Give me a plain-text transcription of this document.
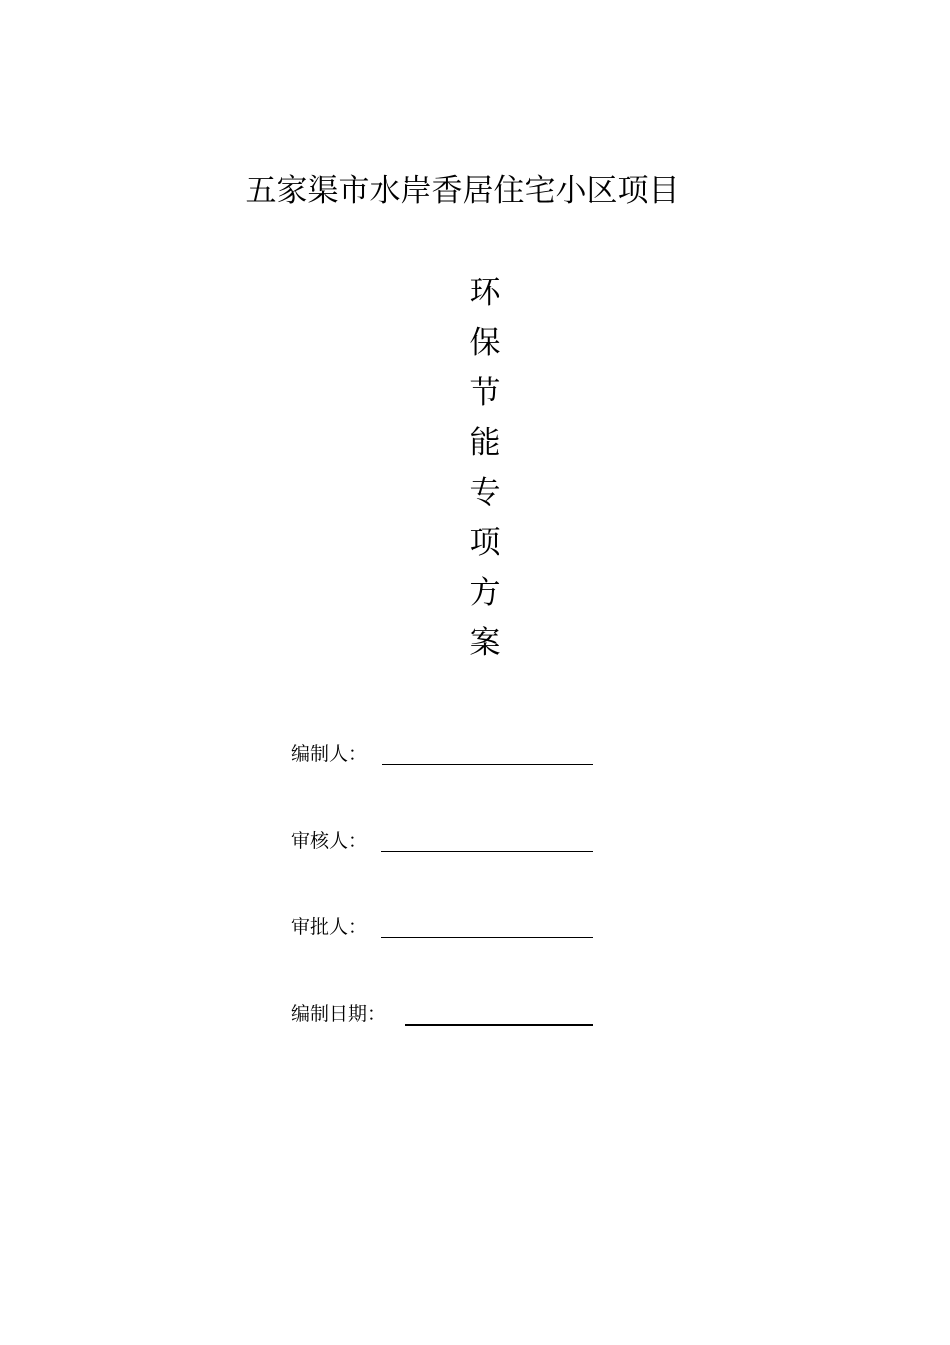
五家渠市水岸香居住宅小区项目
环
保
节
能
专
项
方
案
编制人：
审核人：
审批人：
编制日期：
